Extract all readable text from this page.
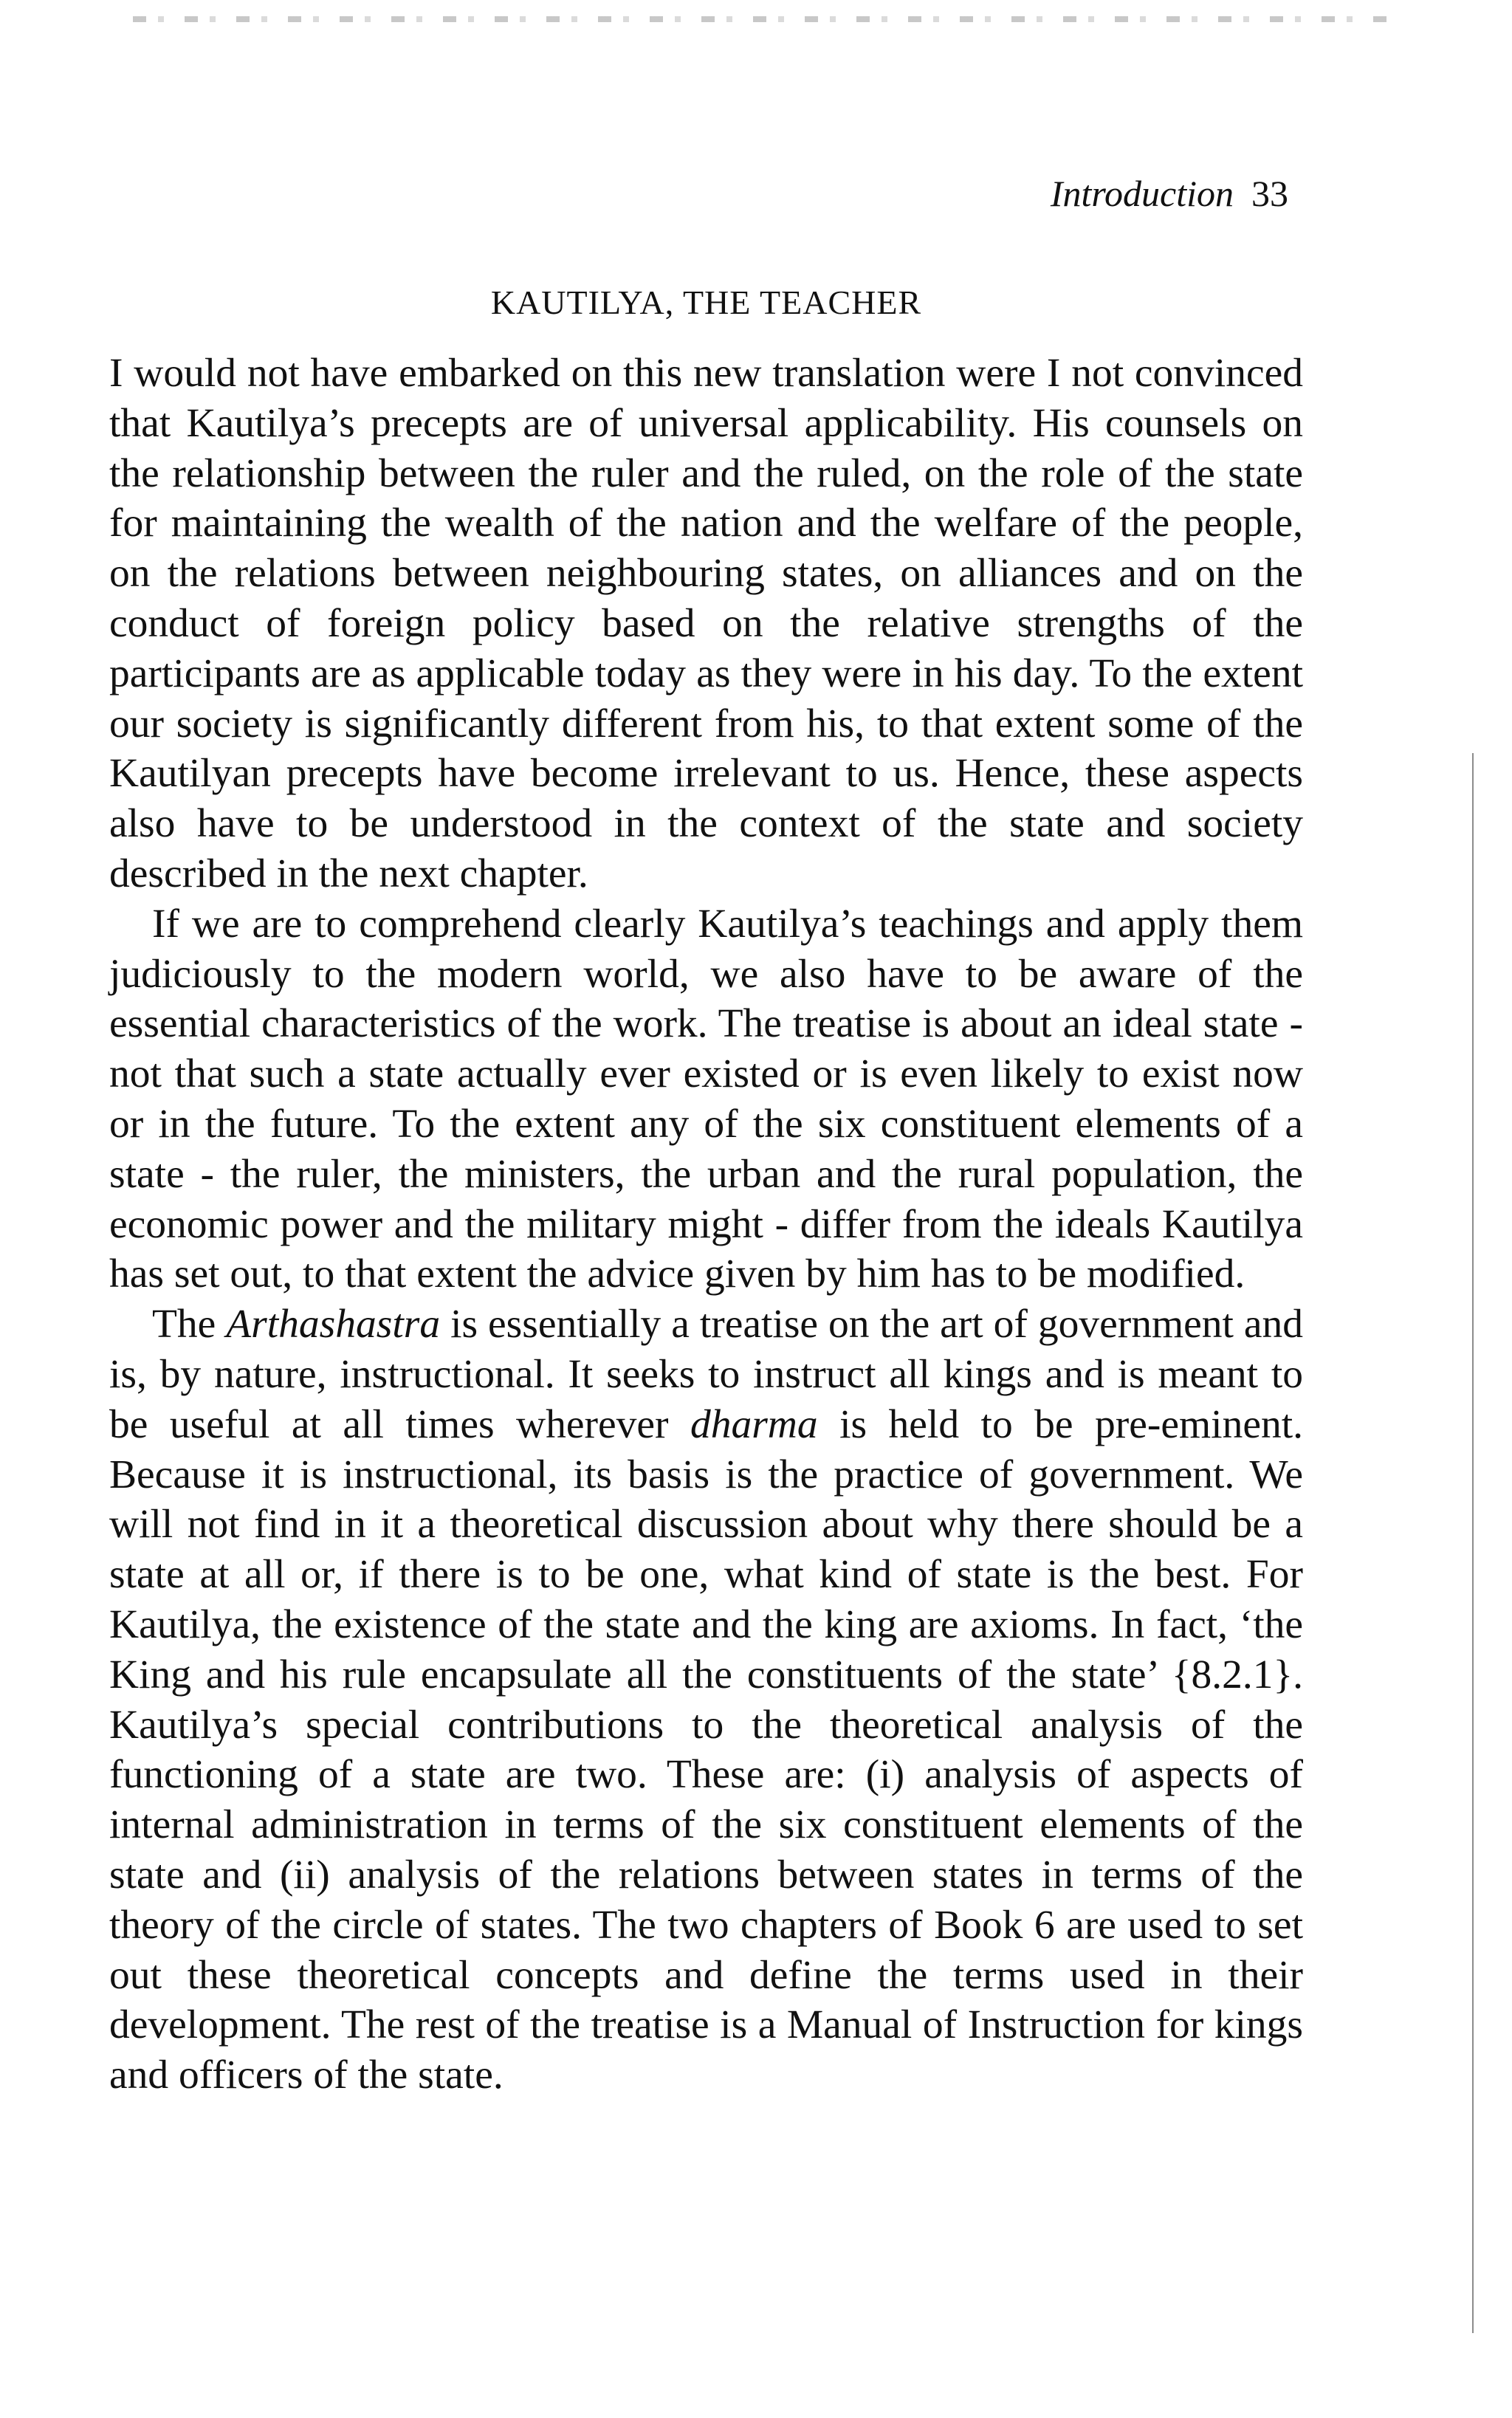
Introduction 33
KAUTILYA, THE TEACHER

I would not have embarked on this new translation were I not convinced that Kautilya’s precepts are of universal applicability. His counsels on the relationship between the ruler and the ruled, on the role of the state for maintaining the wealth of the nation and the welfare of the people, on the relations between neighbouring states, on alliances and on the conduct of foreign policy based on the relative strengths of the participants are as applicable today as they were in his day. To the extent our society is significantly different from his, to that extent some of the Kautilyan precepts have become irrelevant to us. Hence, these aspects also have to be understood in the context of the state and society described in the next chapter.

If we are to comprehend clearly Kautilya’s teachings and apply them judiciously to the modern world, we also have to be aware of the essential characteristics of the work. The treatise is about an ideal state - not that such a state actually ever existed or is even likely to exist now or in the future. To the extent any of the six constituent elements of a state - the ruler, the ministers, the urban and the rural population, the economic power and the military might - differ from the ideals Kautilya has set out, to that extent the advice given by him has to be modified.

The Arthashastra is essentially a treatise on the art of government and is, by nature, instructional. It seeks to instruct all kings and is meant to be useful at all times wherever dharma is held to be pre-eminent. Because it is instructional, its basis is the practice of government. We will not find in it a theoretical discussion about why there should be a state at all or, if there is to be one, what kind of state is the best. For Kautilya, the existence of the state and the king are axioms. In fact, ‘the King and his rule encapsulate all the constituents of the state’ {8.2.1}. Kautilya’s special contributions to the theoretical analysis of the functioning of a state are two. These are: (i) analysis of aspects of internal administration in terms of the six constituent elements of the state and (ii) analysis of the relations between states in terms of the theory of the circle of states. The two chapters of Book 6 are used to set out these theoretical concepts and define the terms used in their development. The rest of the treatise is a Manual of Instruction for kings and officers of the state.
